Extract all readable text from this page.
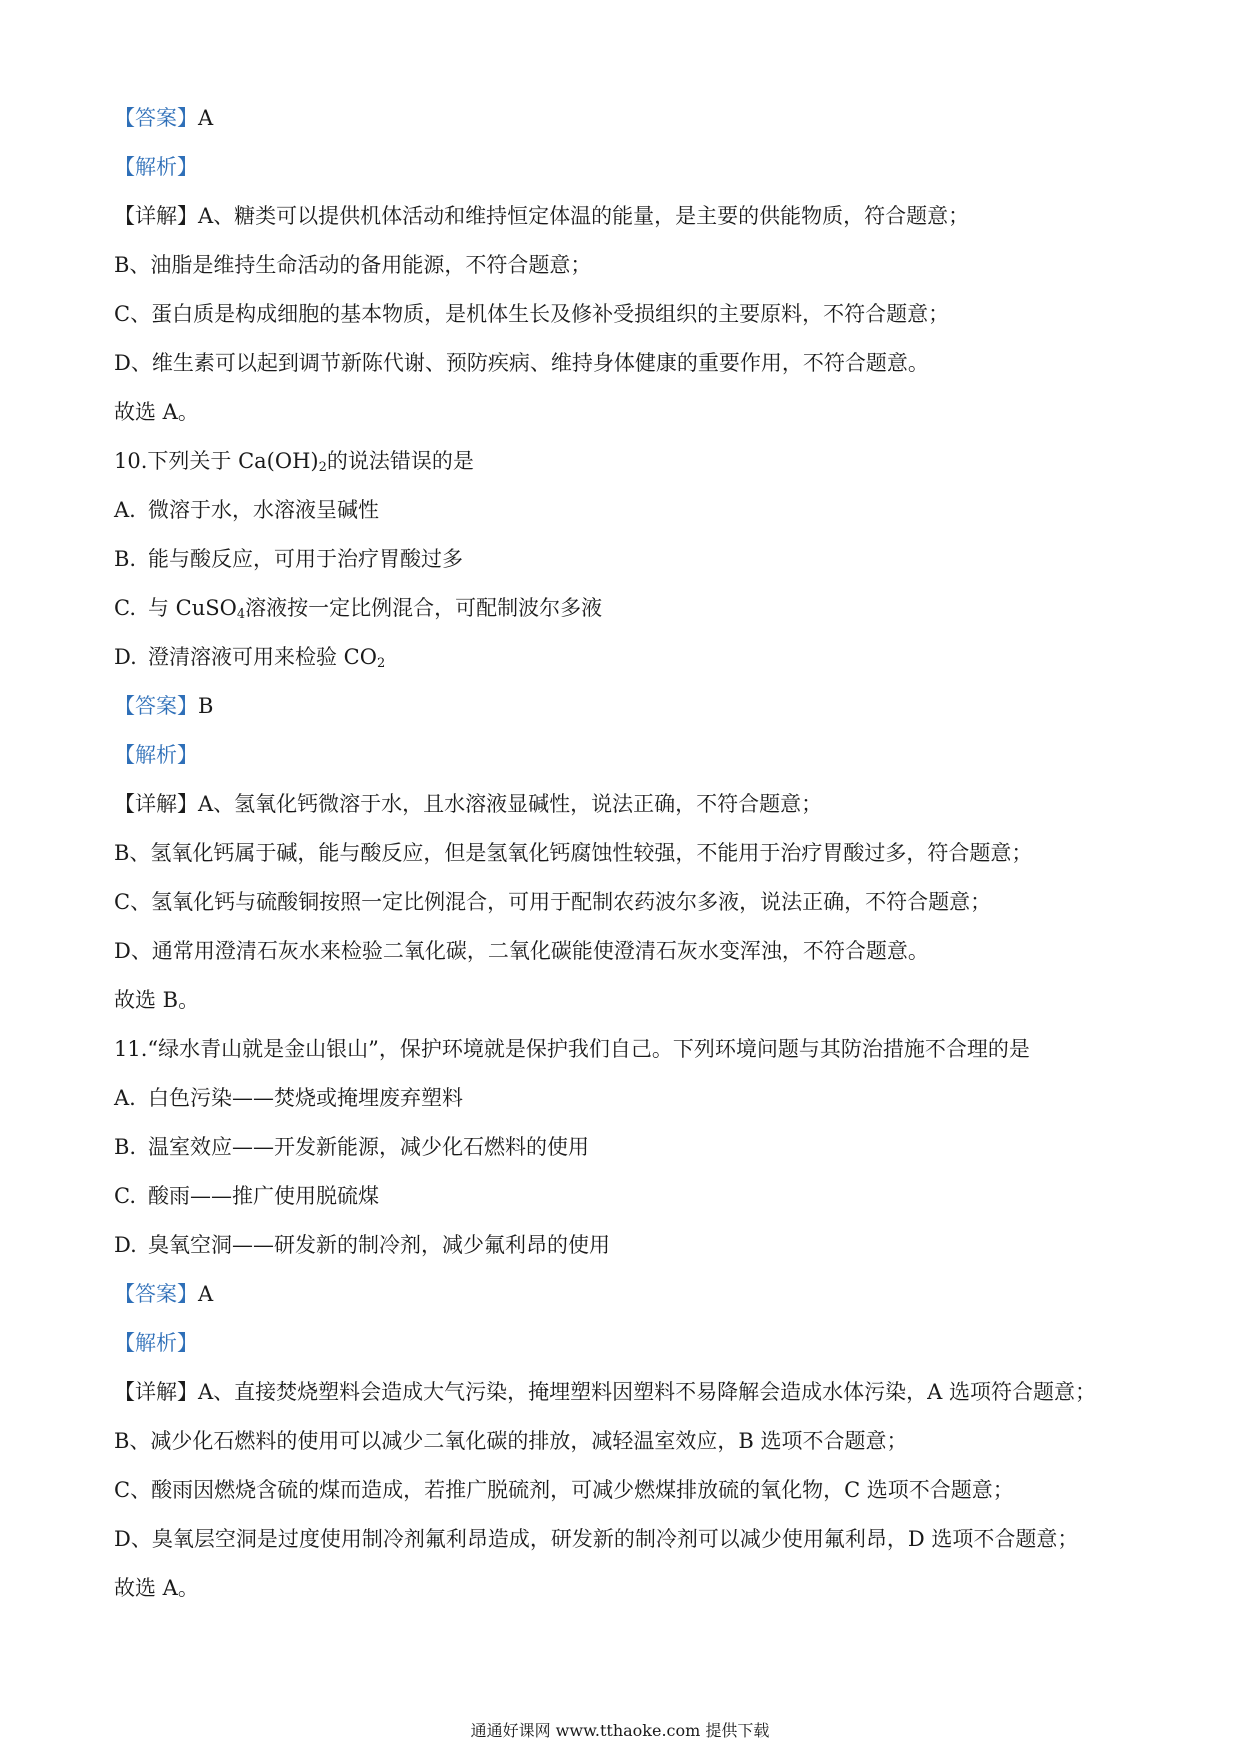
【答案】A
【解析】
【详解】A、糖类可以提供机体活动和维持恒定体温的能量，是主要的供能物质，符合题意；
B、油脂是维持生命活动的备用能源，不符合题意；
C、蛋白质是构成细胞的基本物质，是机体生长及修补受损组织的主要原料，不符合题意；
D、维生素可以起到调节新陈代谢、预防疾病、维持身体健康的重要作用，不符合题意。
故选 A。
10.下列关于 $Ca(OH)_2$的说法错误的是
A. 微溶于水，水溶液呈碱性
B. 能与酸反应，可用于治疗胃酸过多
C. 与 CuSO$_4$溶液按一定比例混合，可配制波尔多液
D. 澄清溶液可用来检验 $CO_2$
【答案】B
【解析】
【详解】A、氢氧化钙微溶于水，且水溶液显碱性，说法正确，不符合题意；
B、氢氧化钙属于碱，能与酸反应，但是氢氧化钙腐蚀性较强，不能用于治疗胃酸过多，符合题意；
C、氢氧化钙与硫酸铜按照一定比例混合，可用于配制农药波尔多液，说法正确，不符合题意；
D、通常用澄清石灰水来检验二氧化碳，二氧化碳能使澄清石灰水变浑浊，不符合题意。
故选 B。
11.“绿水青山就是金山银山”，保护环境就是保护我们自己。下列环境问题与其防治措施不合理的是
A. 白色污染——焚烧或掩埋废弃塑料
B. 温室效应——开发新能源，减少化石燃料的使用
C. 酸雨——推广使用脱硫煤
D. 臭氧空洞——研发新的制冷剂，减少氟利昂的使用
【答案】A
【解析】
【详解】A、直接焚烧塑料会造成大气污染，掩埋塑料因塑料不易降解会造成水体污染，A 选项符合题意；
B、减少化石燃料的使用可以减少二氧化碳的排放，减轻温室效应，B 选项不合题意；
C、酸雨因燃烧含硫的煤而造成，若推广脱硫剂，可减少燃煤排放硫的氧化物，C 选项不合题意；
D、臭氧层空洞是过度使用制冷剂氟利昂造成，研发新的制冷剂可以减少使用氟利昂，D 选项不合题意；
故选 A。
通通好课网 www.tthaoke.com 提供下载
